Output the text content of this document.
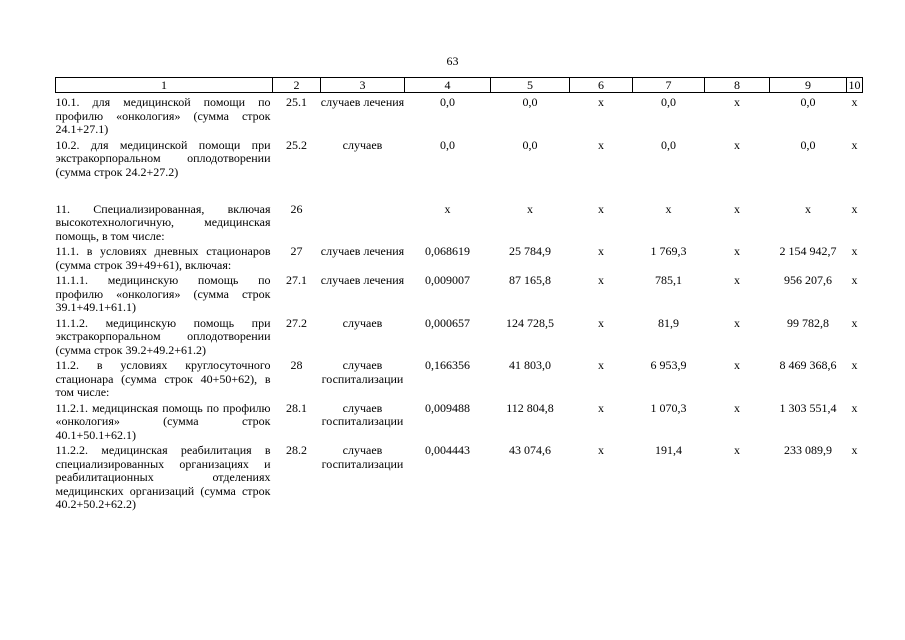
63
1	2	3	4	5	6	7	8	9	10
10.1. для медицинской помощи по профилю «онкология» (сумма строк 24.1+27.1)	25.1	случаев лечения	0,0	0,0	х	0,0	х	0,0	х
10.2. для медицинской помощи при экстракорпоральном оплодотворении (сумма строк 24.2+27.2)	25.2	случаев	0,0	0,0	х	0,0	х	0,0	х
11. Специализированная, включая высокотехнологичную, медицинская помощь, в том числе:	26		х	х	х	х	х	х	х
11.1. в условиях дневных стационаров (сумма строк 39+49+61), включая:	27	случаев лечения	0,068619	25 784,9	х	1 769,3	х	2 154 942,7	х
11.1.1. медицинскую помощь по профилю «онкология» (сумма строк 39.1+49.1+61.1)	27.1	случаев лечения	0,009007	87 165,8	х	785,1	х	956 207,6	х
11.1.2. медицинскую помощь при экстракорпоральном оплодотворении (сумма строк 39.2+49.2+61.2)	27.2	случаев	0,000657	124 728,5	х	81,9	х	99 782,8	х
11.2. в условиях круглосуточного стационара (сумма строк 40+50+62), в том числе:	28	случаев госпитализации	0,166356	41 803,0	х	6 953,9	х	8 469 368,6	х
11.2.1. медицинская помощь по профилю «онкология» (сумма строк 40.1+50.1+62.1)	28.1	случаев госпитализации	0,009488	112 804,8	х	1 070,3	х	1 303 551,4	х
11.2.2. медицинская реабилитация в специализированных организациях и реабилитационных отделениях медицинских организаций (сумма строк 40.2+50.2+62.2)	28.2	случаев госпитализации	0,004443	43 074,6	х	191,4	х	233 089,9	х
